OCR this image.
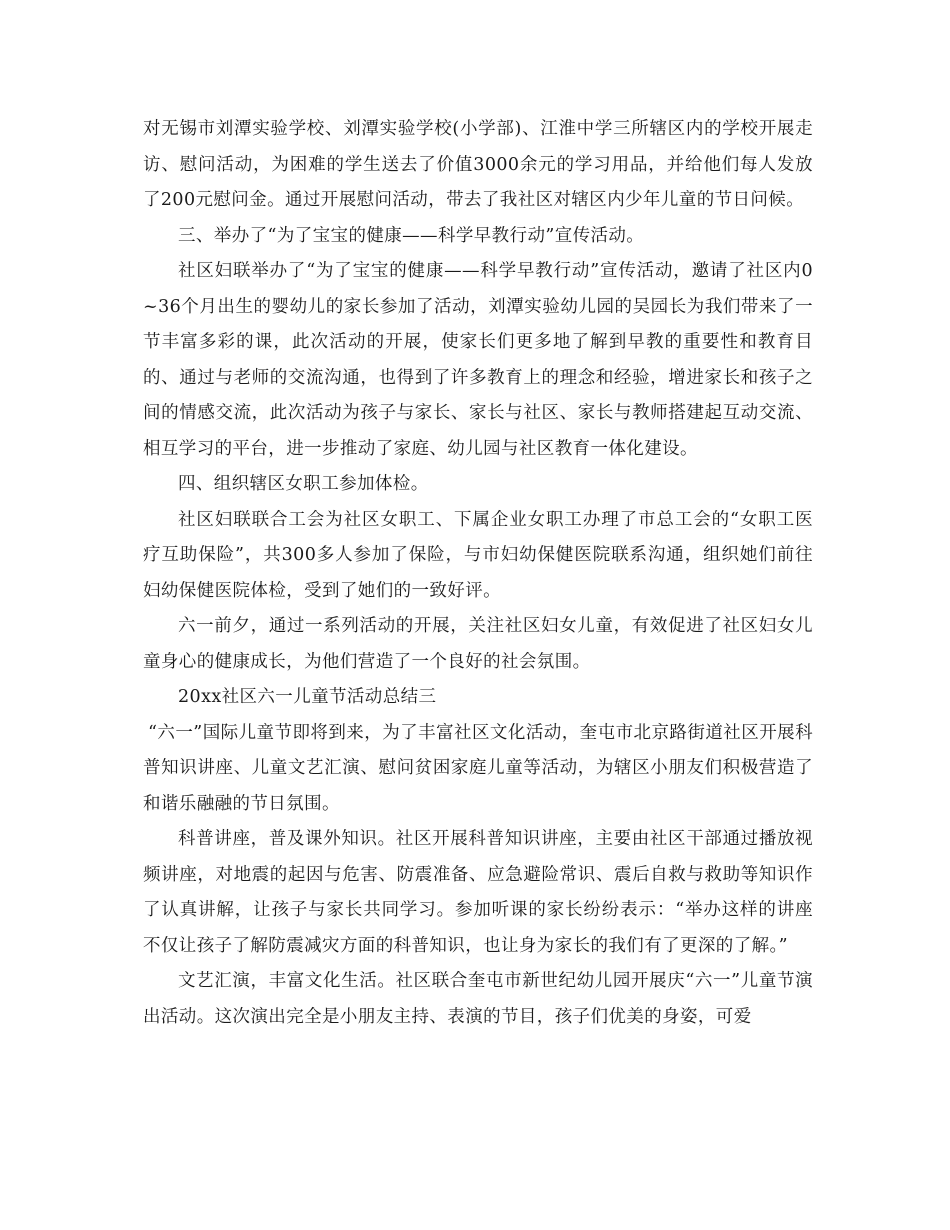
对无锡市刘潭实验学校、刘潭实验学校(小学部)、江淮中学三所辖区内的学校开展走访、慰问活动，为困难的学生送去了价值3000余元的学习用品，并给他们每人发放了200元慰问金。通过开展慰问活动，带去了我社区对辖区内少年儿童的节日问候。

三、举办了“为了宝宝的健康——科学早教行动”宣传活动。

社区妇联举办了“为了宝宝的健康——科学早教行动”宣传活动，邀请了社区内0~36个月出生的婴幼儿的家长参加了活动，刘潭实验幼儿园的吴园长为我们带来了一节丰富多彩的课，此次活动的开展，使家长们更多地了解到早教的重要性和教育目的、通过与老师的交流沟通，也得到了许多教育上的理念和经验，增进家长和孩子之间的情感交流，此次活动为孩子与家长、家长与社区、家长与教师搭建起互动交流、相互学习的平台，进一步推动了家庭、幼儿园与社区教育一体化建设。

四、组织辖区女职工参加体检。

社区妇联联合工会为社区女职工、下属企业女职工办理了市总工会的“女职工医疗互助保险”，共300多人参加了保险，与市妇幼保健医院联系沟通，组织她们前往妇幼保健医院体检，受到了她们的一致好评。

六一前夕，通过一系列活动的开展，关注社区妇女儿童，有效促进了社区妇女儿童身心的健康成长，为他们营造了一个良好的社会氛围。

20xx社区六一儿童节活动总结三

“六一”国际儿童节即将到来，为了丰富社区文化活动，奎屯市北京路街道社区开展科普知识讲座、儿童文艺汇演、慰问贫困家庭儿童等活动，为辖区小朋友们积极营造了和谐乐融融的节日氛围。

科普讲座，普及课外知识。社区开展科普知识讲座，主要由社区干部通过播放视频讲座，对地震的起因与危害、防震准备、应急避险常识、震后自救与救助等知识作了认真讲解，让孩子与家长共同学习。参加听课的家长纷纷表示：“举办这样的讲座不仅让孩子了解防震减灾方面的科普知识，也让身为家长的我们有了更深的了解。”

文艺汇演，丰富文化生活。社区联合奎屯市新世纪幼儿园开展庆“六一”儿童节演出活动。这次演出完全是小朋友主持、表演的节目，孩子们优美的身姿，可爱
